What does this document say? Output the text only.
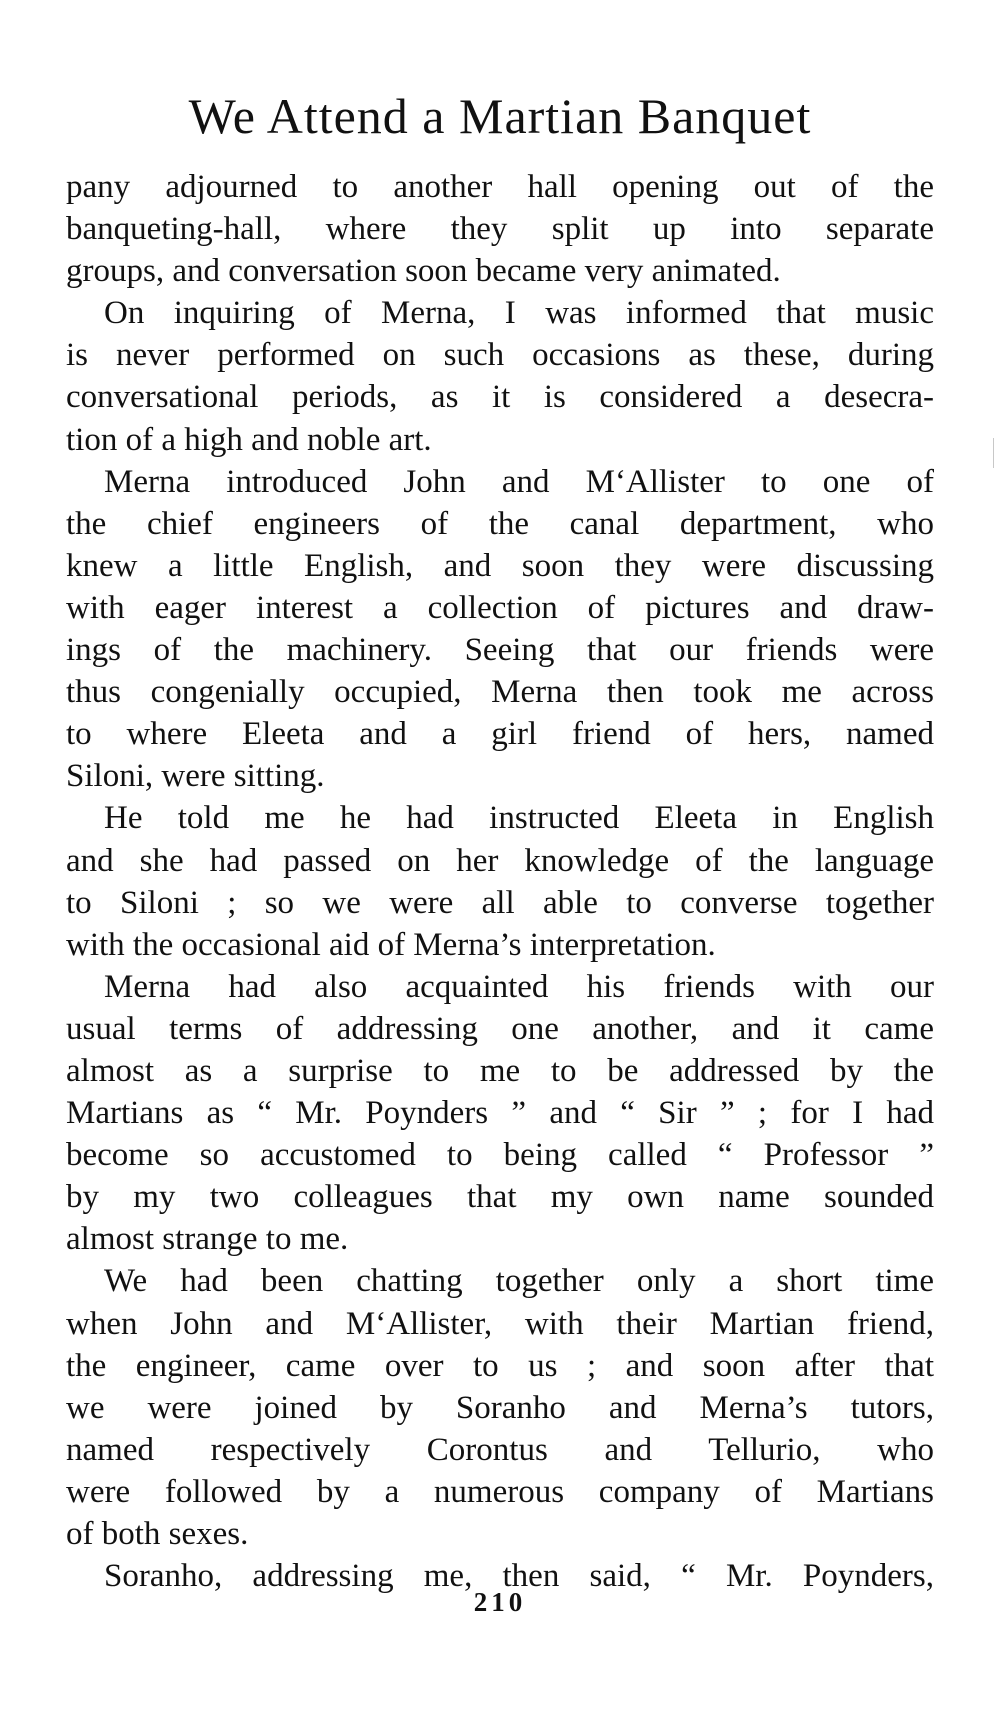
We Attend a Martian Banquet
pany adjourned to another hall opening out of the
banqueting-hall, where they split up into separate
groups, and conversation soon became very animated.
On inquiring of Merna, I was informed that music
is never performed on such occasions as these, during
conversational periods, as it is considered a desecra-
tion of a high and noble art.
Merna introduced John and M‘Allister to one of
the chief engineers of the canal department, who
knew a little English, and soon they were discussing
with eager interest a collection of pictures and draw-
ings of the machinery. Seeing that our friends were
thus congenially occupied, Merna then took me across
to where Eleeta and a girl friend of hers, named
Siloni, were sitting.
He told me he had instructed Eleeta in English
and she had passed on her knowledge of the language
to Siloni ; so we were all able to converse together
with the occasional aid of Merna’s interpretation.
Merna had also acquainted his friends with our
usual terms of addressing one another, and it came
almost as a surprise to me to be addressed by the
Martians as “ Mr. Poynders ” and “ Sir ” ; for I had
become so accustomed to being called “ Professor ”
by my two colleagues that my own name sounded
almost strange to me.
We had been chatting together only a short time
when John and M‘Allister, with their Martian friend,
the engineer, came over to us ; and soon after that
we were joined by Soranho and Merna’s tutors,
named respectively Corontus and Tellurio, who
were followed by a numerous company of Martians
of both sexes.
Soranho, addressing me, then said, “ Mr. Poynders,
210
